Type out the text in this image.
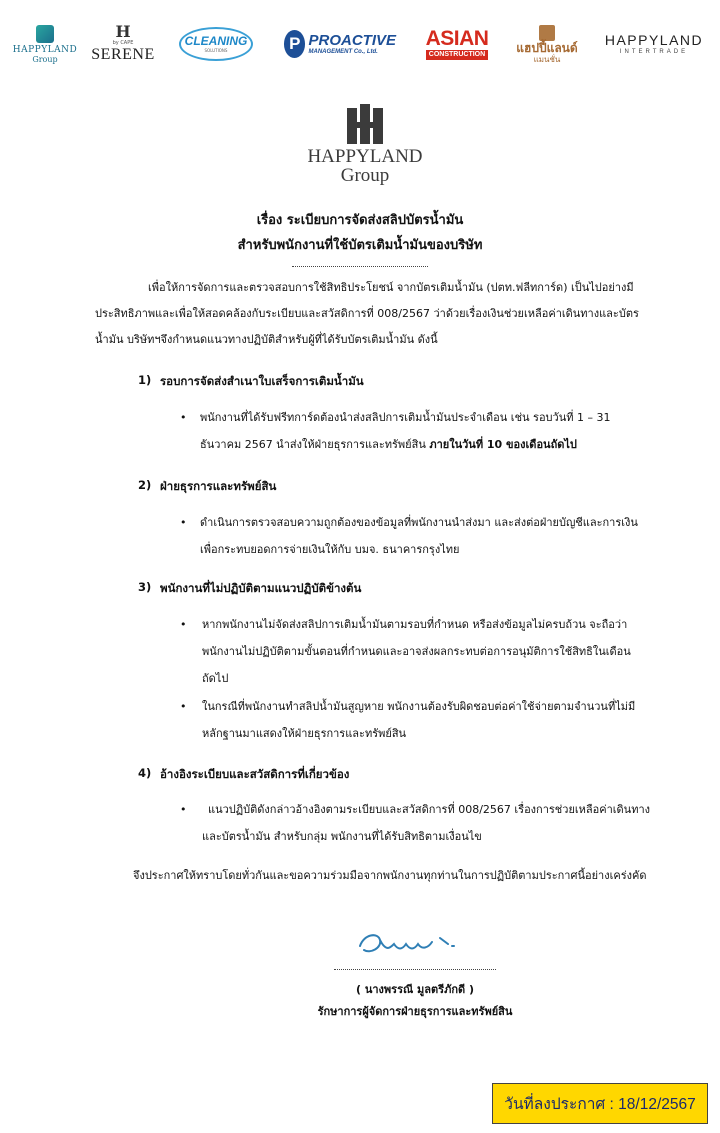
HAPPYLAND
Group
H
by CAPE
SERENE
CLEANING
SOLUTIONS	P PROACTIVE
MANAGEMENT Co., Ltd.
ASIAN
CONSTRUCTION	แฮปปี้แลนด์
แมนชั่น
HAPPYLAND
INTERTRADE
HAPPYLAND
Group
เรื่อง ระเบียบการจัดส่งสลิปบัตรน้ำมัน
สำหรับพนักงานที่ใช้บัตรเติมน้ำมันของบริษัท
เพื่อให้การจัดการและตรวจสอบการใช้สิทธิประโยชน์ จากบัตรเติมน้ำมัน (ปตท.ฟลีทการ์ด) เป็นไปอย่างมี
ประสิทธิภาพและเพื่อให้สอดคล้องกับระเบียบและสวัสดิการที่ 008/2567 ว่าด้วยเรื่องเงินช่วยเหลือค่าเดินทางและบัตร
น้ำมัน บริษัทฯจึงกำหนดแนวทางปฏิบัติสำหรับผู้ที่ได้รับบัตรเติมน้ำมัน ดังนี้
1) รอบการจัดส่งสำเนาใบเสร็จการเติมน้ำมัน
• พนักงานที่ได้รับฟรีทการ์ดต้องนำส่งสลิปการเติมน้ำมันประจำเดือน เช่น รอบวันที่ 1 – 31
ธันวาคม 2567 นำส่งให้ฝ่ายธุรการและทรัพย์สิน ภายในวันที่ 10 ของเดือนถัดไป
2) ฝ่ายธุรการและทรัพย์สิน
• ดำเนินการตรวจสอบความถูกต้องของข้อมูลที่พนักงานนำส่งมา และส่งต่อฝ่ายบัญชีและการเงิน
เพื่อกระทบยอดการจ่ายเงินให้กับ บมจ. ธนาคารกรุงไทย
3) พนักงานที่ไม่ปฏิบัติตามแนวปฏิบัติข้างต้น
• หากพนักงานไม่จัดส่งสลิปการเติมน้ำมันตามรอบที่กำหนด หรือส่งข้อมูลไม่ครบถ้วน จะถือว่า
พนักงานไม่ปฏิบัติตามขั้นตอนที่กำหนดและอาจส่งผลกระทบต่อการอนุมัติการใช้สิทธิในเดือน
ถัดไป
• ในกรณีที่พนักงานทำสลิปน้ำมันสูญหาย พนักงานต้องรับผิดชอบต่อค่าใช้จ่ายตามจำนวนที่ไม่มี
หลักฐานมาแสดงให้ฝ่ายธุรการและทรัพย์สิน
4) อ้างอิงระเบียบและสวัสดิการที่เกี่ยวข้อง
• แนวปฏิบัติดังกล่าวอ้างอิงตามระเบียบและสวัสดิการที่ 008/2567 เรื่องการช่วยเหลือค่าเดินทาง
และบัตรน้ำมัน สำหรับกลุ่ม พนักงานที่ได้รับสิทธิตามเงื่อนไข
จึงประกาศให้ทราบโดยทั่วกันและขอความร่วมมือจากพนักงานทุกท่านในการปฏิบัติตามประกาศนี้อย่างเคร่งคัด
( นางพรรณี มูลตรีภักดี )
รักษาการผู้จัดการฝ่ายธุรการและทรัพย์สิน
วันที่ลงประกาศ : 18/12/2567
